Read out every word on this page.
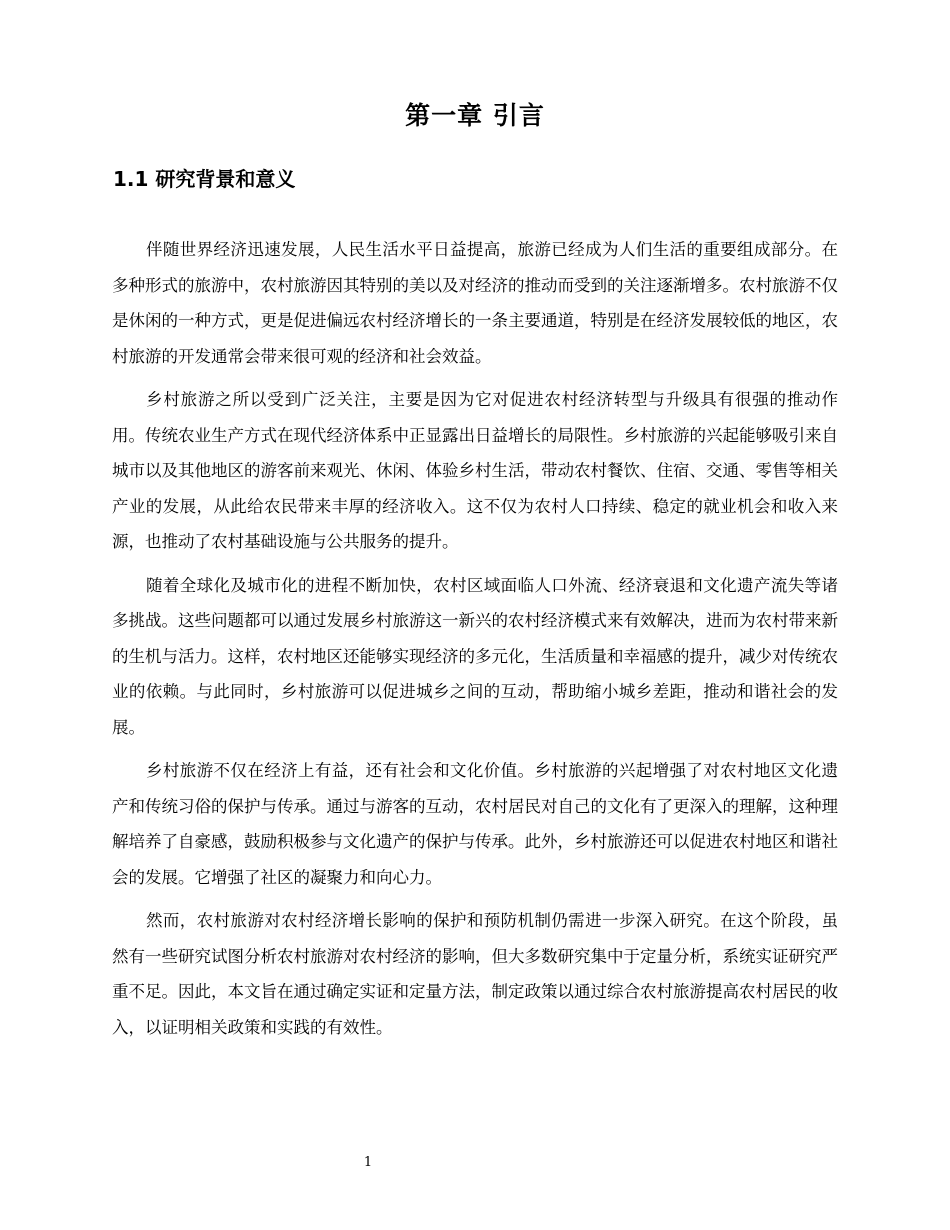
第一章 引言
1.1 研究背景和意义

伴随世界经济迅速发展，人民生活水平日益提高，旅游已经成为人们生活的重要组成部分。在多种形式的旅游中，农村旅游因其特别的美以及对经济的推动而受到的关注逐渐增多。农村旅游不仅是休闲的一种方式，更是促进偏远农村经济增长的一条主要通道，特别是在经济发展较低的地区，农村旅游的开发通常会带来很可观的经济和社会效益。

乡村旅游之所以受到广泛关注，主要是因为它对促进农村经济转型与升级具有很强的推动作用。传统农业生产方式在现代经济体系中正显露出日益增长的局限性。乡村旅游的兴起能够吸引来自城市以及其他地区的游客前来观光、休闲、体验乡村生活，带动农村餐饮、住宿、交通、零售等相关产业的发展，从此给农民带来丰厚的经济收入。这不仅为农村人口持续、稳定的就业机会和收入来源，也推动了农村基础设施与公共服务的提升。

随着全球化及城市化的进程不断加快，农村区域面临人口外流、经济衰退和文化遗产流失等诸多挑战。这些问题都可以通过发展乡村旅游这一新兴的农村经济模式来有效解决，进而为农村带来新的生机与活力。这样，农村地区还能够实现经济的多元化，生活质量和幸福感的提升，减少对传统农业的依赖。与此同时，乡村旅游可以促进城乡之间的互动，帮助缩小城乡差距，推动和谐社会的发展。

乡村旅游不仅在经济上有益，还有社会和文化价值。乡村旅游的兴起增强了对农村地区文化遗产和传统习俗的保护与传承。通过与游客的互动，农村居民对自己的文化有了更深入的理解，这种理解培养了自豪感，鼓励积极参与文化遗产的保护与传承。此外，乡村旅游还可以促进农村地区和谐社会的发展。它增强了社区的凝聚力和向心力。

然而，农村旅游对农村经济增长影响的保护和预防机制仍需进一步深入研究。在这个阶段，虽然有一些研究试图分析农村旅游对农村经济的影响，但大多数研究集中于定量分析，系统实证研究严重不足。因此，本文旨在通过确定实证和定量方法，制定政策以通过综合农村旅游提高农村居民的收入，以证明相关政策和实践的有效性。

1
